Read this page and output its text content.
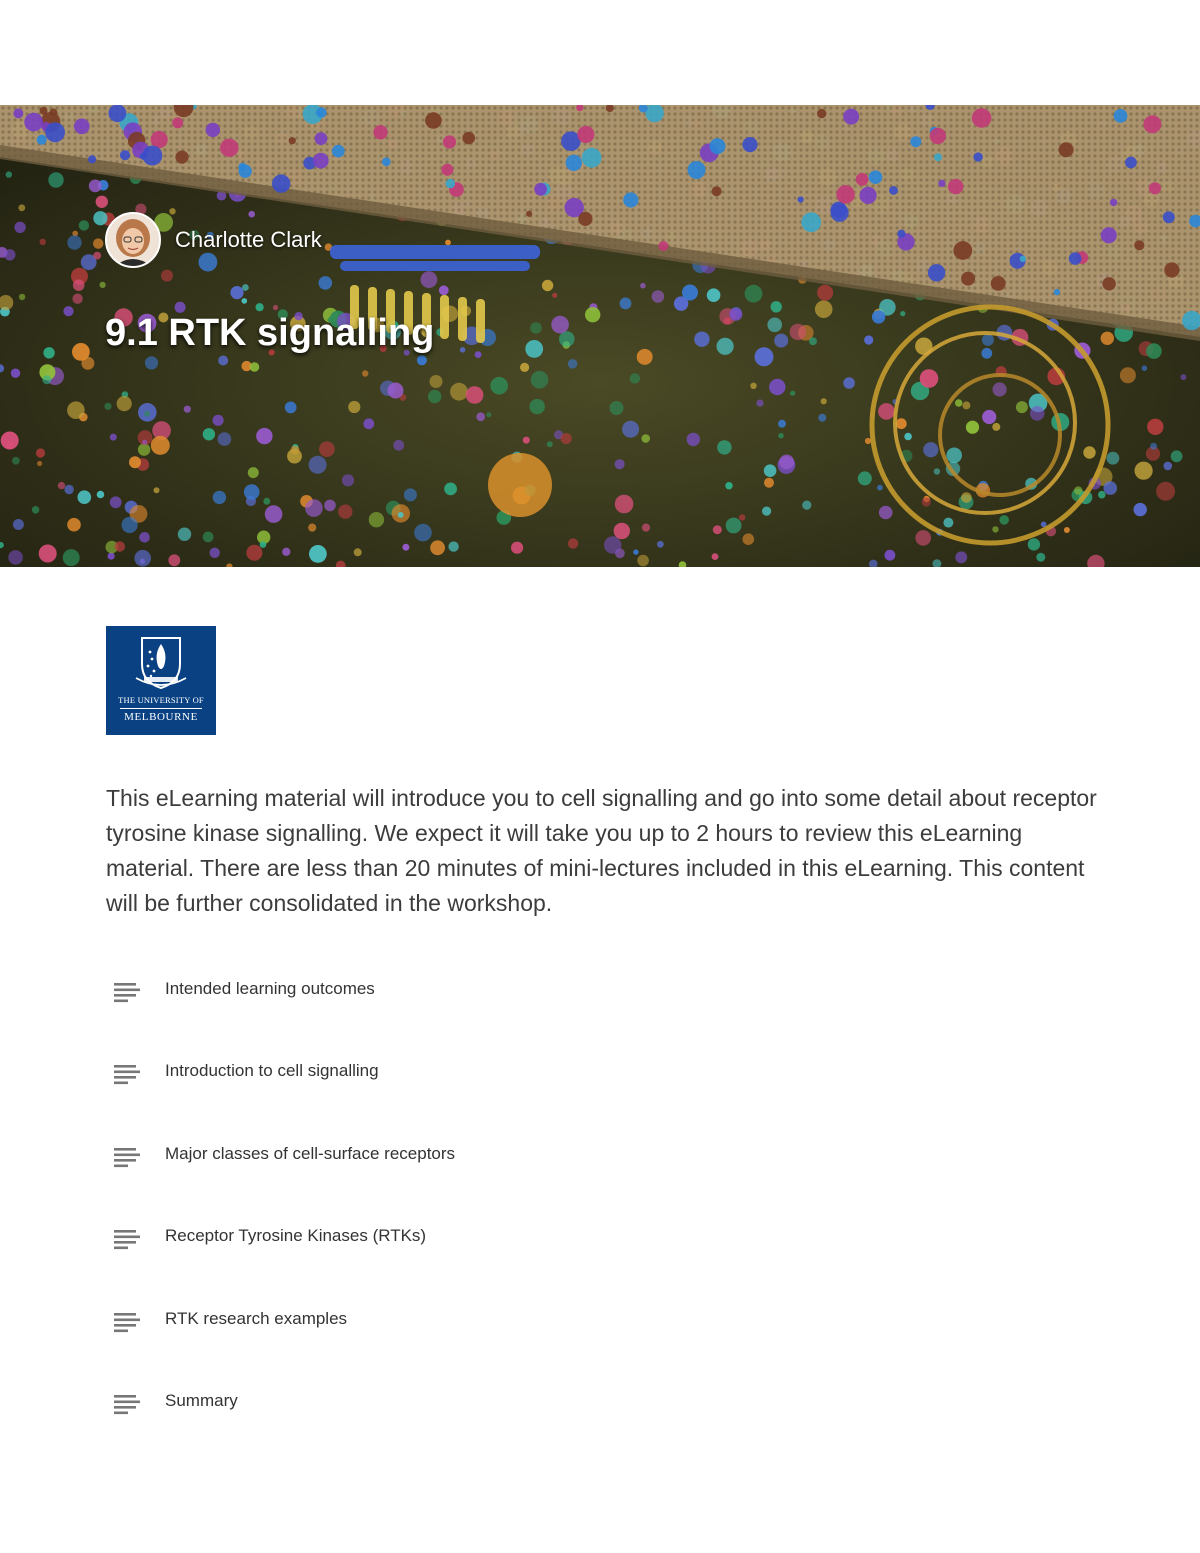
Charlotte Clark
9.1 RTK signalling
THE UNIVERSITY OF
MELBOURNE

This eLearning material will introduce you to cell signalling and go into some detail about receptor tyrosine kinase signalling. We expect it will take you up to 2 hours to review this eLearning material. There are less than 20 minutes of mini-lectures included in this eLearning. This content will be further consolidated in the workshop.

Intended learning outcomes
Introduction to cell signalling
Major classes of cell-surface receptors
Receptor Tyrosine Kinases (RTKs)
RTK research examples
Summary
